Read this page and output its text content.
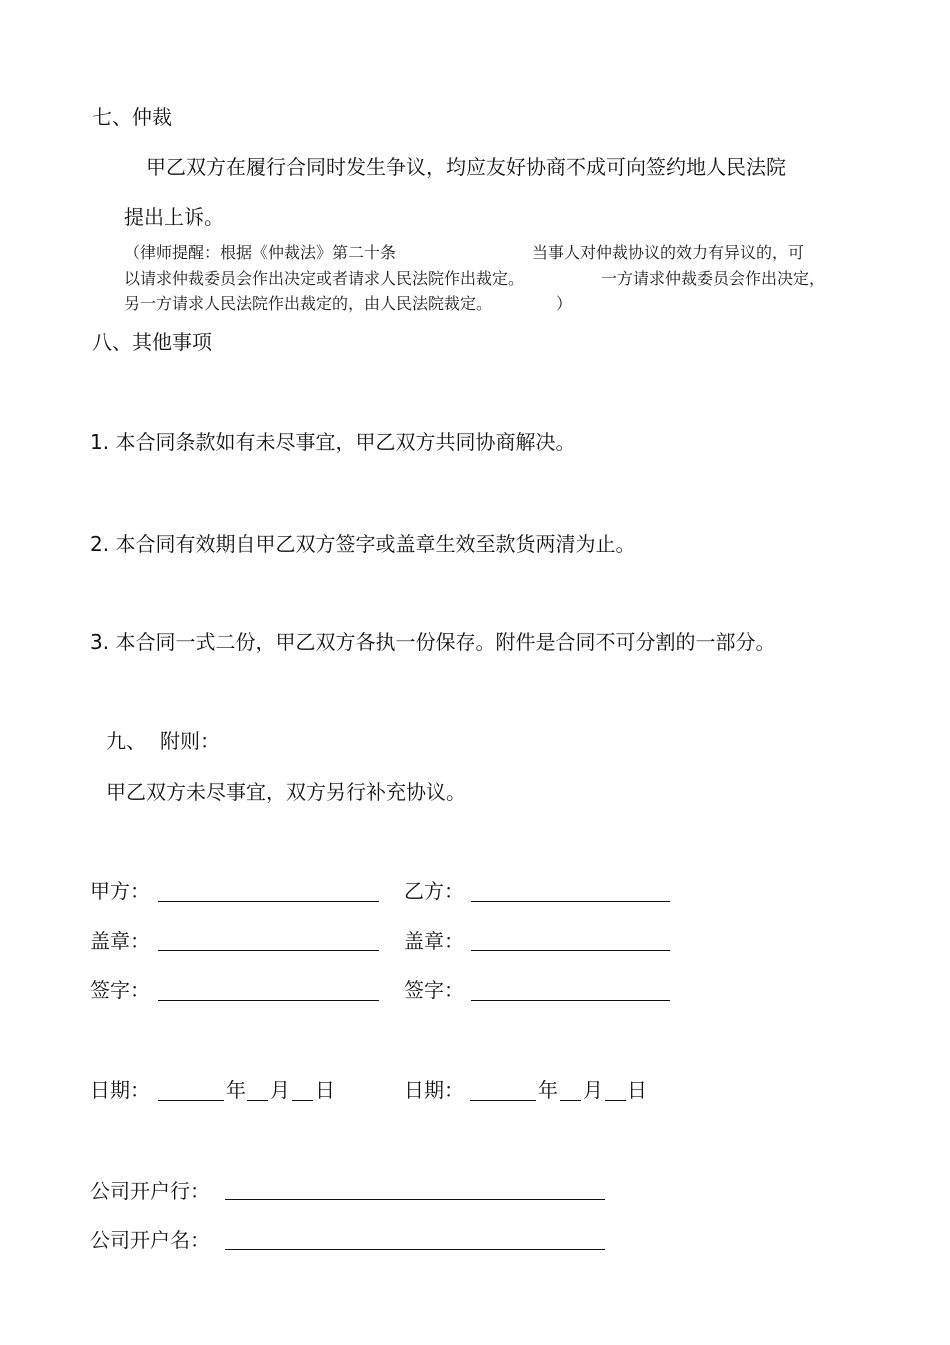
七、仲裁
甲乙双方在履行合同时发生争议，均应友好协商不成可向签约地人民法院
提出上诉。
（律师提醒：根据《仲裁法》第二十条	当事人对仲裁协议的效力有异议的，可
以请求仲裁委员会作出决定或者请求人民法院作出裁定。	一方请求仲裁委员会作出决定，
另一方请求人民法院作出裁定的，由人民法院裁定。	）
八、其他事项
1. 本合同条款如有未尽事宜，甲乙双方共同协商解决。
2. 本合同有效期自甲乙双方签字或盖章生效至款货两清为止。
3. 本合同一式二份，甲乙双方各执一份保存。附件是合同不可分割的一部分。
九、 附则：
甲乙双方未尽事宜，双方另行补充协议。
甲方：	乙方：
盖章：	盖章：
签字：	签字：
日期：	年 月 日	日期：	年 月 日
公司开户行：
公司开户名：
